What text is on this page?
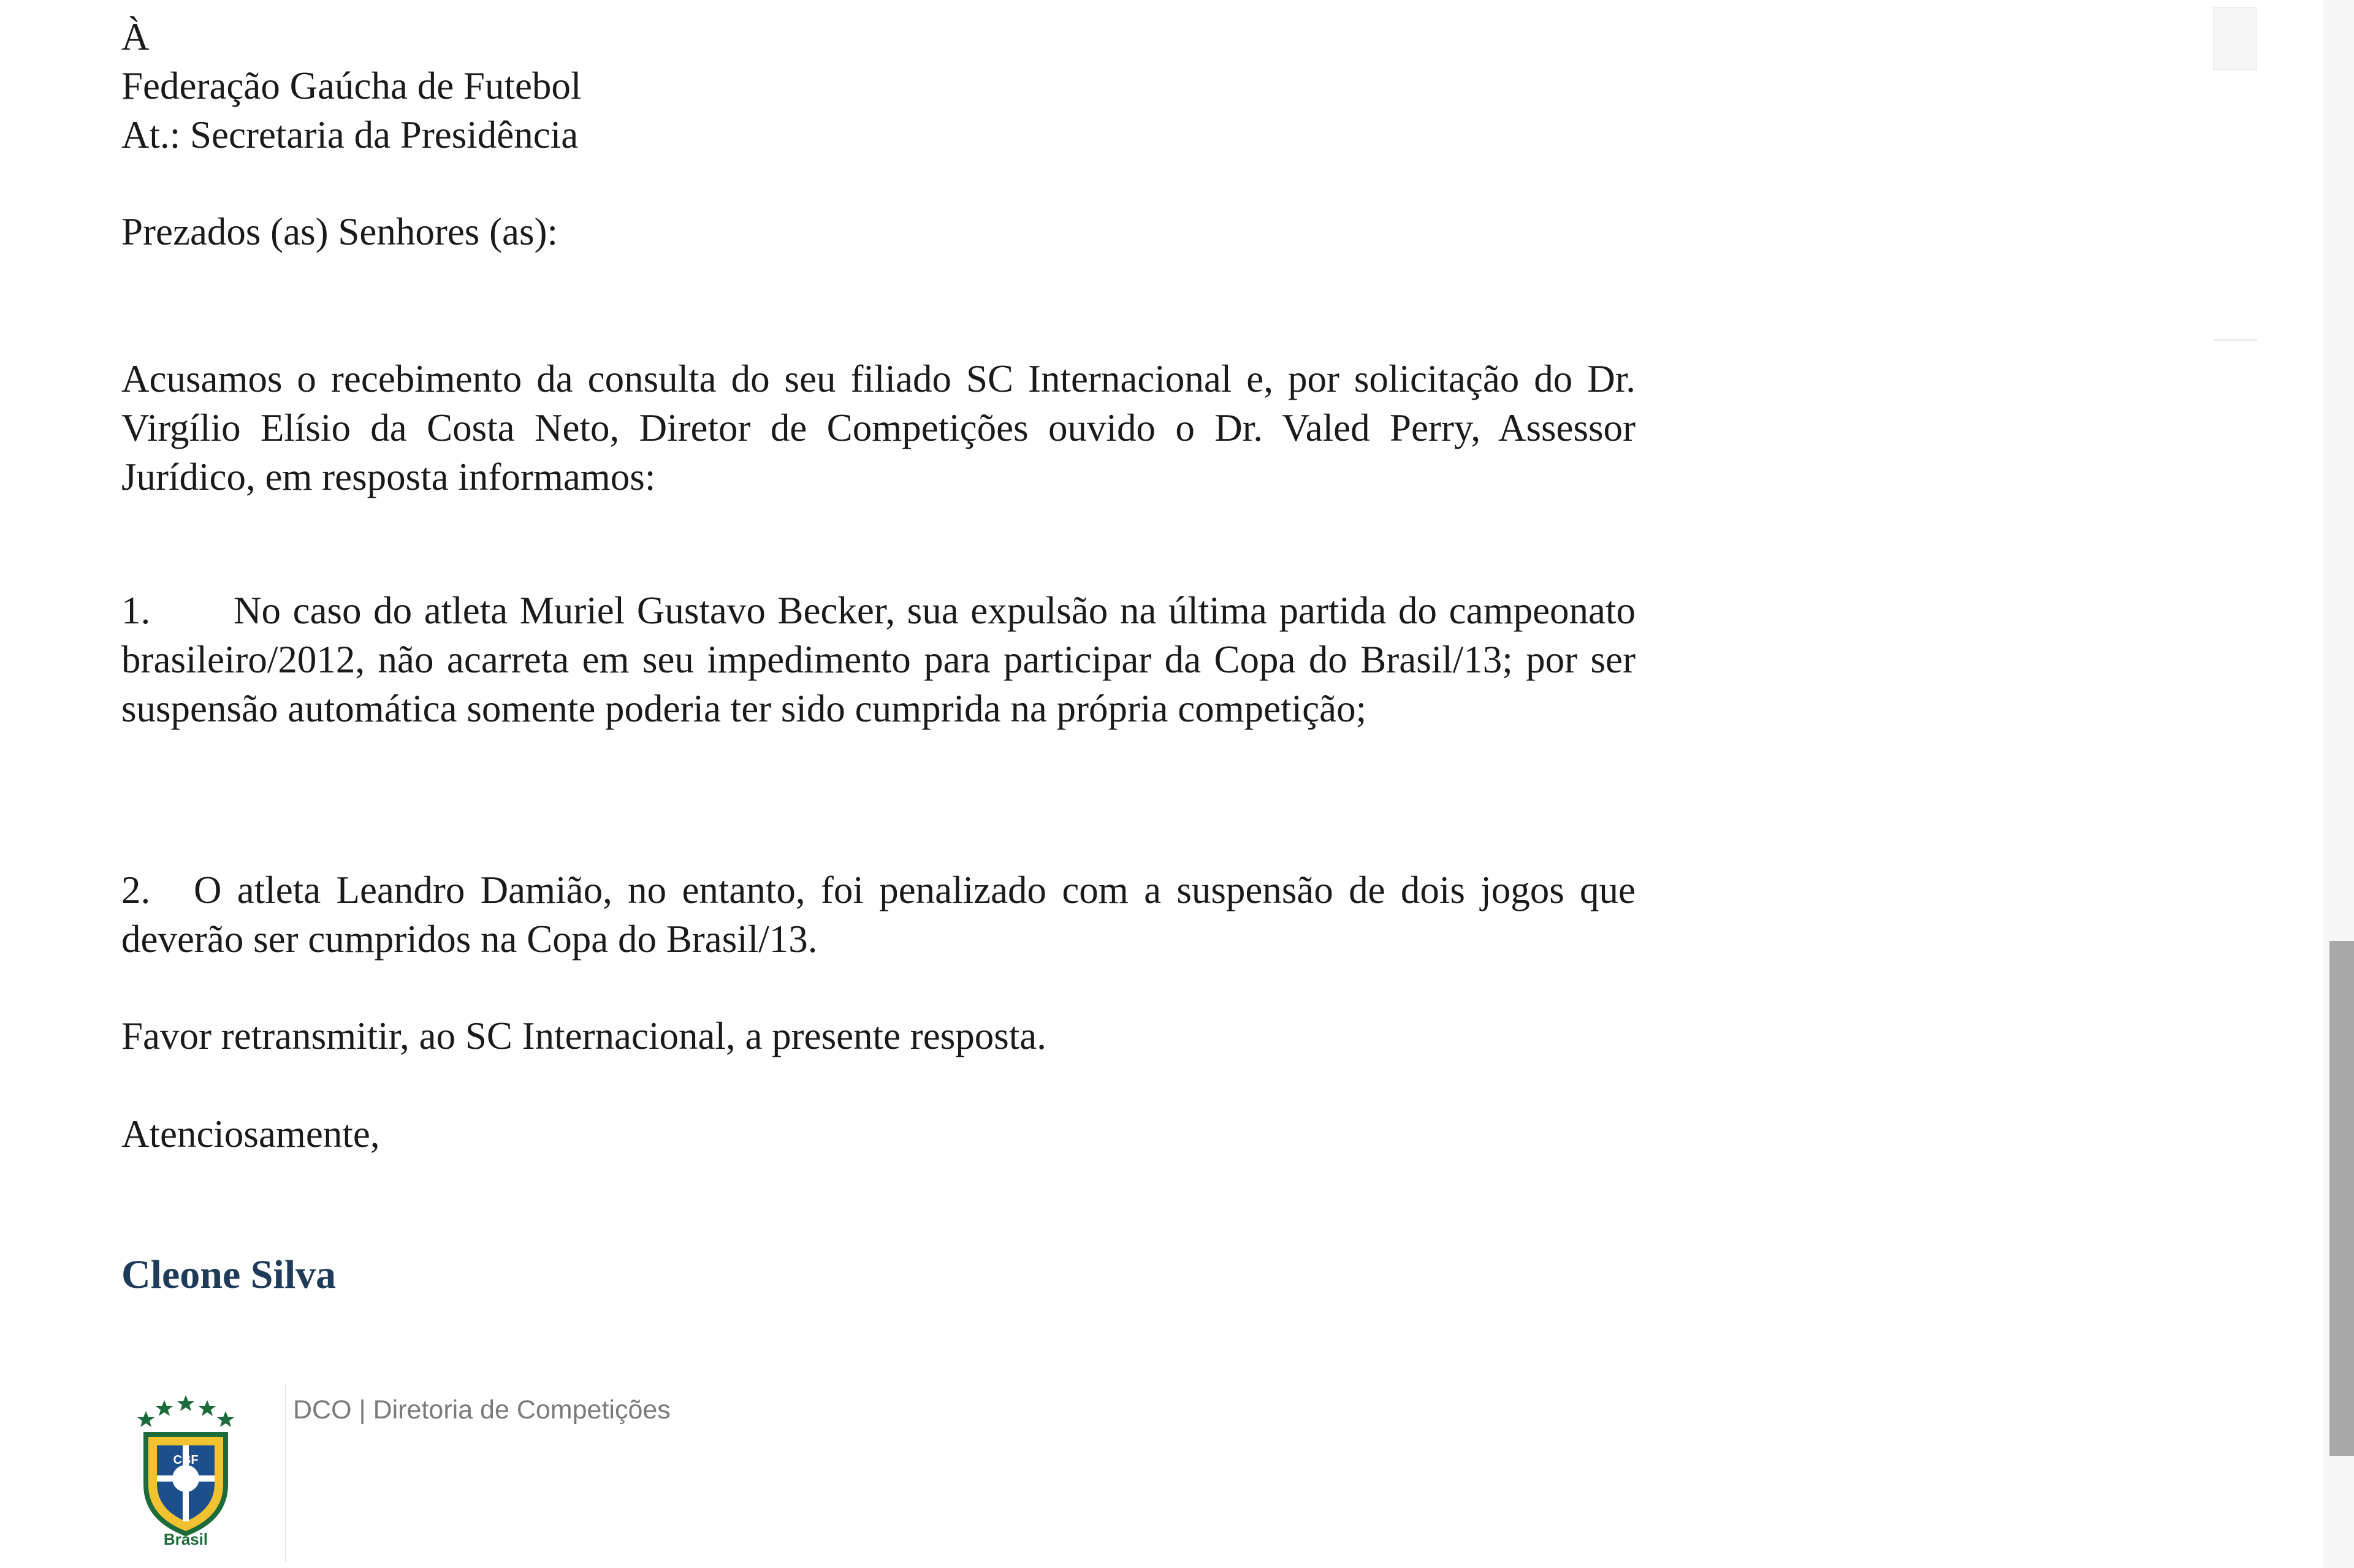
À
Federação Gaúcha de Futebol
At.: Secretaria da Presidência
Prezados (as) Senhores (as):
Acusamos o recebimento da consulta do seu filiado SC Internacional e, por solicitação do Dr. Virgílio Elísio da Costa Neto, Diretor de Competições ouvido o Dr. Valed Perry, Assessor Jurídico, em resposta informamos:
1. No caso do atleta Muriel Gustavo Becker, sua expulsão na última partida do campeonato brasileiro/2012, não acarreta em seu impedimento para participar da Copa do Brasil/13; por ser suspensão automática somente poderia ter sido cumprida na própria competição;
2. O atleta Leandro Damião, no entanto, foi penalizado com a suspensão de dois jogos que deverão ser cumpridos na Copa do Brasil/13.
Favor retransmitir, ao SC Internacional, a presente resposta.
Atenciosamente,
Cleone Silva
CBF
Brasil
DCO | Diretoria de Competições
